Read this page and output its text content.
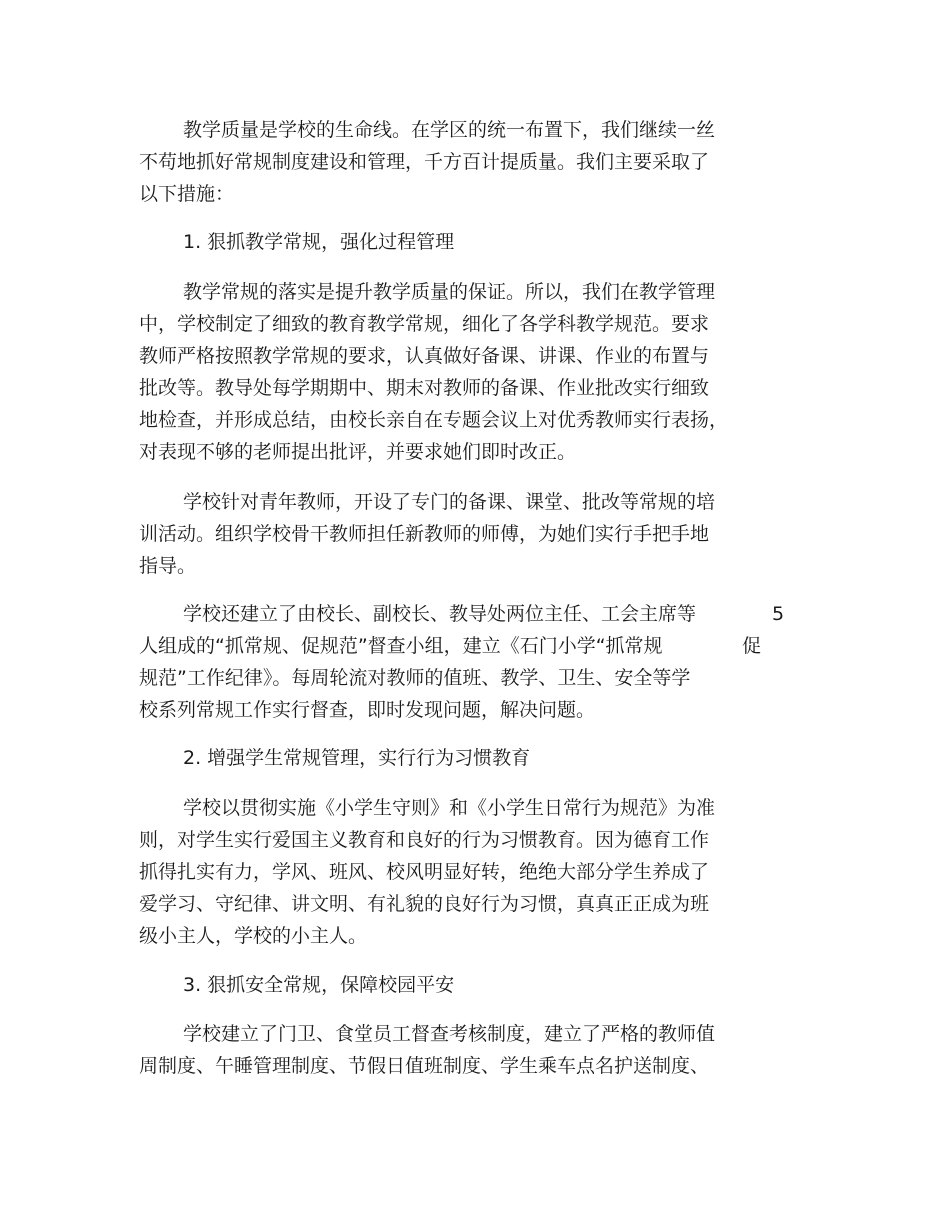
教学质量是学校的生命线。在学区的统一布置下，我们继续一丝
不苟地抓好常规制度建设和管理，千方百计提质量。我们主要采取了
以下措施：
1. 狠抓教学常规，强化过程管理
教学常规的落实是提升教学质量的保证。所以，我们在教学管理
中，学校制定了细致的教育教学常规，细化了各学科教学规范。要求
教师严格按照教学常规的要求，认真做好备课、讲课、作业的布置与
批改等。教导处每学期期中、期末对教师的备课、作业批改实行细致
地检查，并形成总结，由校长亲自在专题会议上对优秀教师实行表扬，
对表现不够的老师提出批评，并要求她们即时改正。
学校针对青年教师，开设了专门的备课、课堂、批改等常规的培
训活动。组织学校骨干教师担任新教师的师傅，为她们实行手把手地
指导。
学校还建立了由校长、副校长、教导处两位主任、工会主席等	5
人组成的“抓常规、促规范”督查小组，建立《石门小学“抓常规	促
规范”工作纪律》。每周轮流对教师的值班、教学、卫生、安全等学
校系列常规工作实行督查，即时发现问题，解决问题。
2. 增强学生常规管理，实行行为习惯教育
学校以贯彻实施《小学生守则》和《小学生日常行为规范》为准
则，对学生实行爱国主义教育和良好的行为习惯教育。因为德育工作
抓得扎实有力，学风、班风、校风明显好转，绝绝大部分学生养成了
爱学习、守纪律、讲文明、有礼貌的良好行为习惯，真真正正成为班
级小主人，学校的小主人。
3. 狠抓安全常规，保障校园平安
学校建立了门卫、食堂员工督查考核制度，建立了严格的教师值
周制度、午睡管理制度、节假日值班制度、学生乘车点名护送制度、
